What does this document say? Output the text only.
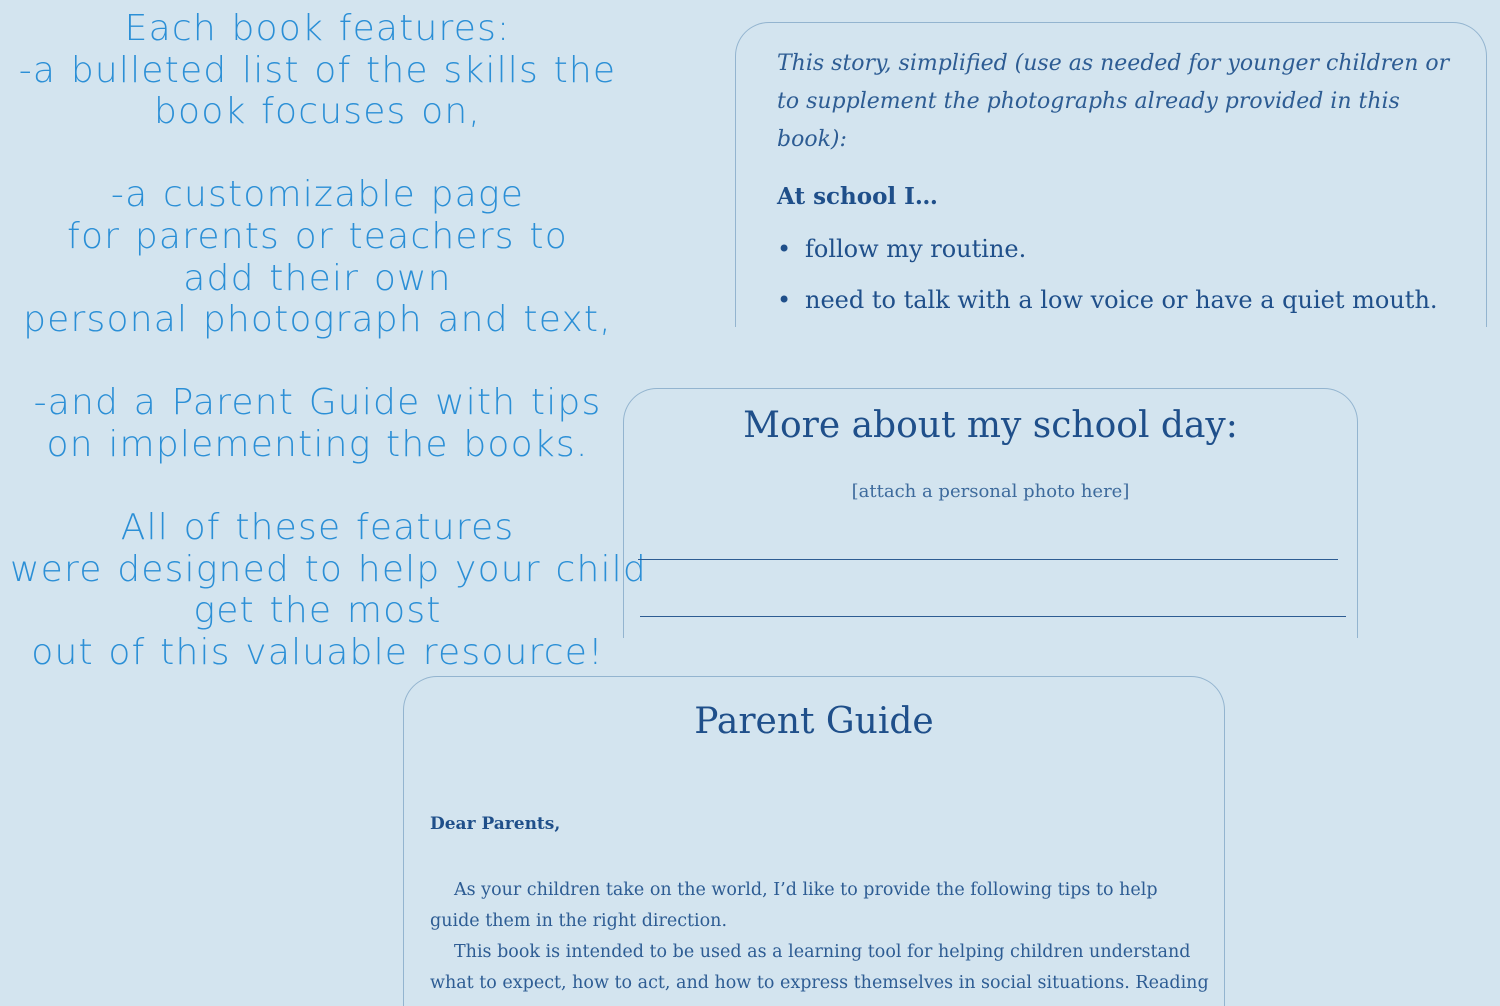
Each book features:
-a bulleted list of the skills the
book focuses on,
-a customizable page
for parents or teachers to
add their own
personal photograph and text,
-and a Parent Guide with tips
on implementing the books.
All of these features
were designed to help your child
get the most
out of this valuable resource!
This story, simplified (use as needed for younger children or to supplement the photographs already provided in this book):
At school I…
• follow my routine.
• need to talk with a low voice or have a quiet mouth.
More about my school day:
[attach a personal photo here]
Parent Guide
Dear Parents,

As your children take on the world, I’d like to provide the following tips to help guide them in the right direction.

This book is intended to be used as a learning tool for helping children understand what to expect, how to act, and how to express themselves in social situations. Reading
